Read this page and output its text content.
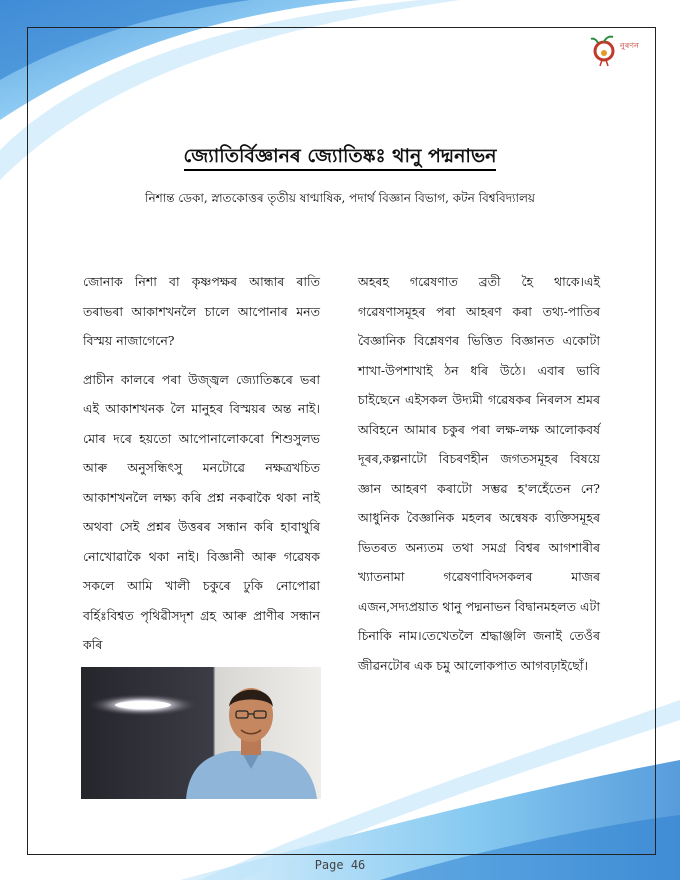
নুৰণন
জ্যোতিৰ্বিজ্ঞানৰ জ্যোতিষ্কঃ থানু পদ্মনাভন
নিশান্ত ডেকা, স্নাতকোত্তৰ তৃতীয় ষাণ্মাষিক, পদাৰ্থ বিজ্ঞান বিভাগ, কটন বিশ্ববিদ্যালয়

জোনাক নিশা বা কৃষ্ণপক্ষৰ আন্ধাৰ ৰাতি তৰাভৰা আকাশখনলৈ চালে আপোনাৰ মনত বিস্ময় নাজাগেনে?

প্ৰাচীন কালৰে পৰা উজ্জ্বল জ্যোতিষ্কৰে ভৰা এই আকাশখনক লৈ মানুহৰ বিস্ময়ৰ অন্ত নাই। মোৰ দৰে হয়তো আপোনালোকৰো শিশুসুলভ আৰু অনুসন্ধিৎসু মনটোৱে নক্ষত্ৰখচিত আকাশখনলৈ লক্ষ্য কৰি প্ৰশ্ন নকৰাকৈ থকা নাই অথবা সেই প্ৰশ্নৰ উত্তৰৰ সন্ধান কৰি হাবাথুৰি নোখোৱাকৈ থকা নাই। বিজ্ঞানী আৰু গৱেষক সকলে আমি খালী চকুৰে ঢুকি নোপোৱা বৰ্হিঃবিশ্বত পৃথিৱীসদৃশ গ্ৰহ আৰু প্ৰাণীৰ সন্ধান কৰি

অহৰহ গৱেষণাত ব্ৰতী হৈ থাকে।এই গৱেষণাসমূহৰ পৰা আহৰণ কৰা তথ্য-পাতিৰ বৈজ্ঞানিক বিশ্লেষণৰ ভিত্তিত বিজ্ঞানত একোটা শাখা-উপশাখাই ঠন ধৰি উঠে। এবাৰ ভাবি চাইছেনে এইসকল উদ্যমী গৱেষকৰ নিৰলস শ্ৰমৰ অবিহনে আমাৰ চকুৰ পৰা লক্ষ-লক্ষ আলোকবৰ্ষ দূৰৰ,কল্পনাটো বিচৰণহীন জগতসমূহৰ বিষয়ে জ্ঞান আহৰণ কৰাটো সম্ভৱ হ'লহেঁতেন নে? আধুনিক বৈজ্ঞানিক মহলৰ অন্বেষক ব্যক্তিসমূহৰ ভিতৰত অন্যতম তথা সমগ্ৰ বিশ্বৰ আগশাৰীৰ খ্যাতনামা গৱেষণাবিদসকলৰ মাজৰ এজন,সদ্যপ্ৰয়াত থানু পদ্মনাভন বিদ্বানমহলত এটা চিনাকি নাম।তেখেতলৈ শ্ৰদ্ধাঞ্জলি জনাই তেওঁৰ জীৱনটোৰ এক চমু আলোকপাত আগবঢ়াইছোঁ।

Page 46
